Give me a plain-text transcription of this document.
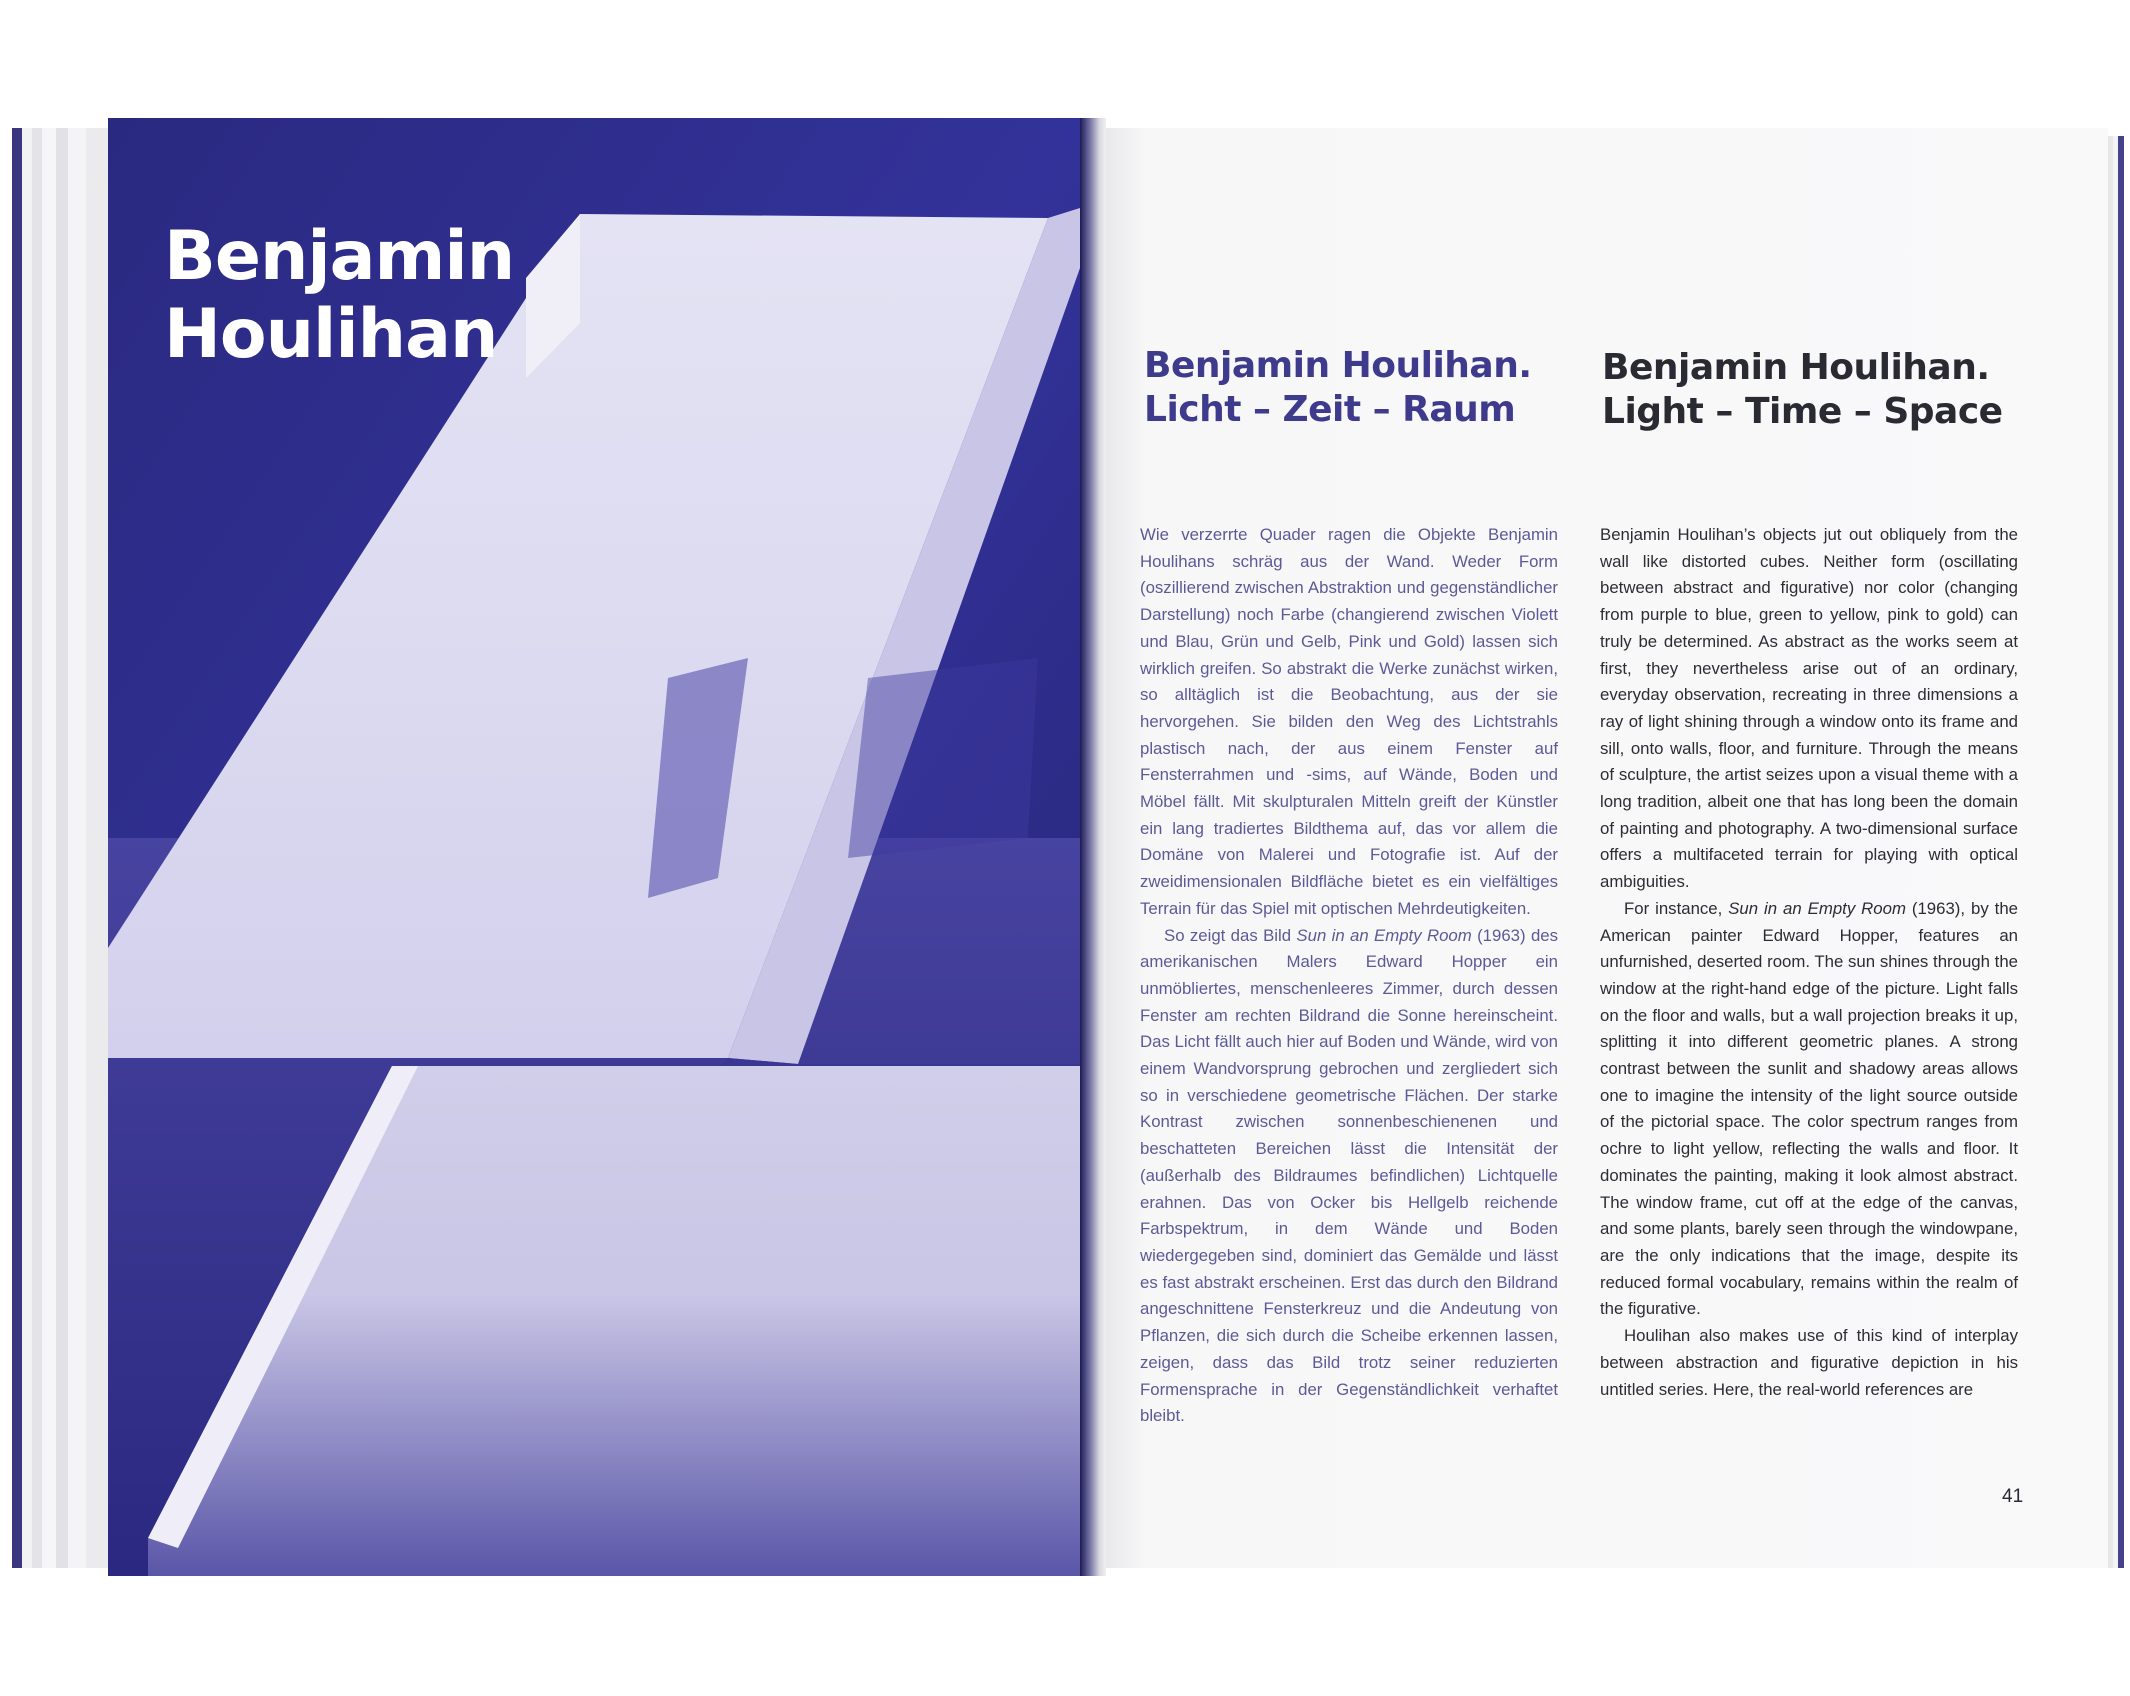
Benjamin
Houlihan	Benjamin Houlihan.
Licht – Zeit – Raum
Benjamin Houlihan.
Light – Time – Space

Wie verzerrte Quader ragen die Objekte Benjamin Houlihans schräg aus der Wand. Weder Form (oszillierend zwischen Abstraktion und gegenständlicher Darstellung) noch Farbe (changierend zwischen Violett und Blau, Grün und Gelb, Pink und Gold) lassen sich wirklich greifen. So abstrakt die Werke zunächst wirken, so alltäglich ist die Beobachtung, aus der sie hervorgehen. Sie bilden den Weg des Lichtstrahls plastisch nach, der aus einem Fenster auf Fensterrahmen und -sims, auf Wände, Boden und Möbel fällt. Mit skulpturalen Mitteln greift der Künstler ein lang tradiertes Bildthema auf, das vor allem die Domäne von Malerei und Fotografie ist. Auf der zweidimensionalen Bildfläche bietet es ein vielfältiges Terrain für das Spiel mit optischen Mehrdeutigkeiten.

So zeigt das Bild Sun in an Empty Room (1963) des amerikanischen Malers Edward Hopper ein unmöbliertes, menschenleeres Zimmer, durch dessen Fenster am rechten Bildrand die Sonne hereinscheint. Das Licht fällt auch hier auf Boden und Wände, wird von einem Wandvorsprung gebrochen und zergliedert sich so in verschiedene geometrische Flächen. Der starke Kontrast zwischen sonnenbeschienenen und beschatteten Bereichen lässt die Intensität der (außerhalb des Bildraumes befindlichen) Lichtquelle erahnen. Das von Ocker bis Hellgelb reichende Farbspektrum, in dem Wände und Boden wiedergegeben sind, dominiert das Gemälde und lässt es fast abstrakt erscheinen. Erst das durch den Bildrand angeschnittene Fensterkreuz und die Andeutung von Pflanzen, die sich durch die Scheibe erkennen lassen, zeigen, dass das Bild trotz seiner reduzierten Formensprache in der Gegenständlichkeit verhaftet bleibt.

Benjamin Houlihan’s objects jut out obliquely from the wall like distorted cubes. Neither form (oscillating between abstract and figurative) nor color (changing from purple to blue, green to yellow, pink to gold) can truly be determined. As abstract as the works seem at first, they nevertheless arise out of an ordinary, everyday observation, recreating in three dimensions a ray of light shining through a window onto its frame and sill, onto walls, floor, and furniture. Through the means of sculpture, the artist seizes upon a visual theme with a long tradition, albeit one that has long been the domain of painting and photography. A two-dimensional surface offers a multifaceted terrain for playing with optical ambiguities.

For instance, Sun in an Empty Room (1963), by the American painter Edward Hopper, features an unfurnished, deserted room. The sun shines through the window at the right-hand edge of the picture. Light falls on the floor and walls, but a wall projection breaks it up, splitting it into different geometric planes. A strong contrast between the sunlit and shadowy areas allows one to imagine the intensity of the light source outside of the pictorial space. The color spectrum ranges from ochre to light yellow, reflecting the walls and floor. It dominates the painting, making it look almost abstract. The window frame, cut off at the edge of the canvas, and some plants, barely seen through the windowpane, are the only indications that the image, despite its reduced formal vocabulary, remains within the realm of the figurative.

Houlihan also makes use of this kind of interplay between abstraction and figurative depiction in his untitled series. Here, the real-world references are

41
